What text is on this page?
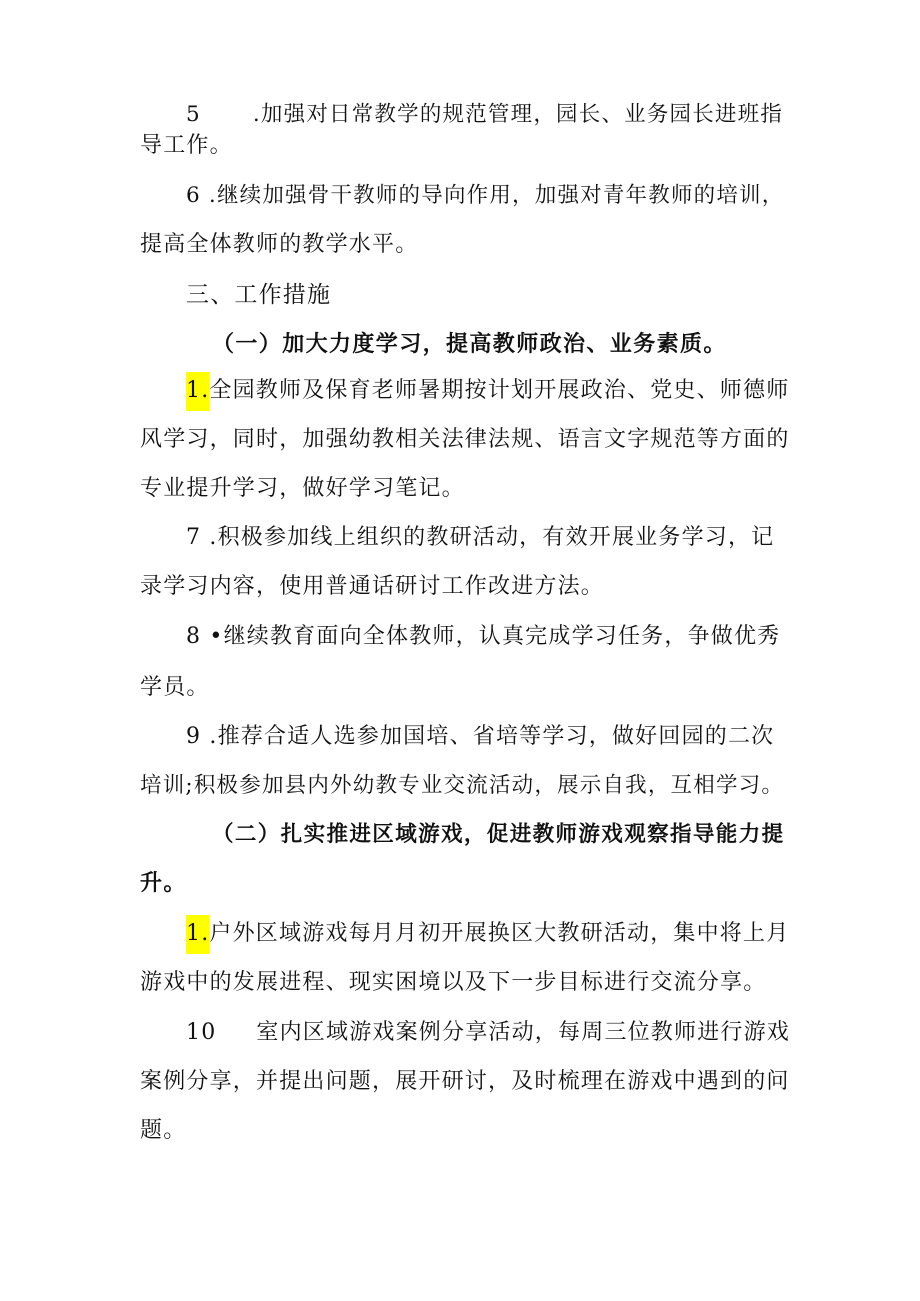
5 .加强对日常教学的规范管理，园长、业务园长进班指
导工作。
6 .继续加强骨干教师的导向作用，加强对青年教师的培训，
提高全体教师的教学水平。
三、工作措施
（一）加大力度学习，提高教师政治、业务素质。
1.全园教师及保育老师暑期按计划开展政治、党史、师德师
风学习，同时，加强幼教相关法律法规、语言文字规范等方面的
专业提升学习，做好学习笔记。
7 .积极参加线上组织的教研活动，有效开展业务学习，记
录学习内容，使用普通话研讨工作改进方法。
8 •继续教育面向全体教师，认真完成学习任务，争做优秀
学员。
9 .推荐合适人选参加国培、省培等学习，做好回园的二次
培训;积极参加县内外幼教专业交流活动，展示自我，互相学习。
（二）扎实推进区域游戏，促进教师游戏观察指导能力提
升。
1.户外区域游戏每月月初开展换区大教研活动，集中将上月
游戏中的发展进程、现实困境以及下一步目标进行交流分享。
10 室内区域游戏案例分享活动，每周三位教师进行游戏
案例分享，并提出问题，展开研讨，及时梳理在游戏中遇到的问
题。
